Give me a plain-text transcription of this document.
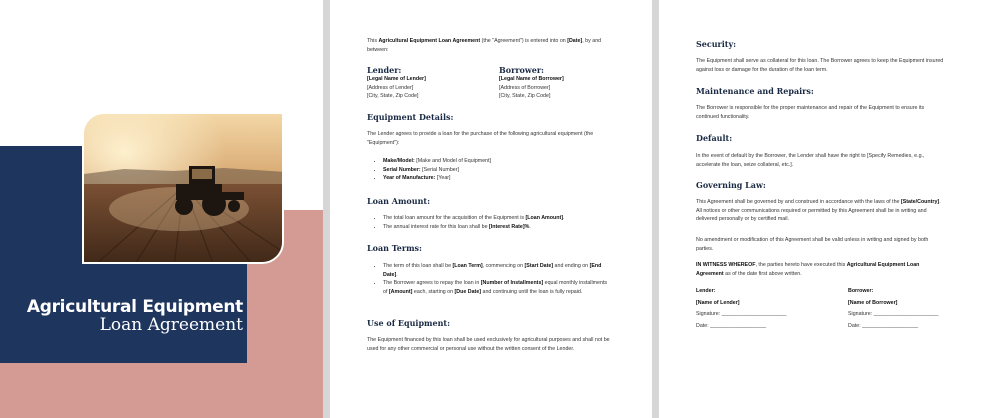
Agricultural Equipment
Loan Agreement
This Agricultural Equipment Loan Agreement (the "Agreement") is entered into on [Date], by and between:
Lender:
[Legal Name of Lender]
[Address of Lender]
[City, State, Zip Code]
Borrower:
[Legal Name of Borrower]
[Address of Borrower]
[City, State, Zip Code]
Equipment Details:
The Lender agrees to provide a loan for the purchase of the following agricultural equipment (the "Equipment"):
• Make/Model: [Make and Model of Equipment]
• Serial Number: [Serial Number]
• Year of Manufacture: [Year]
Loan Amount:
• The total loan amount for the acquisition of the Equipment is [Loan Amount].
• The annual interest rate for this loan shall be [Interest Rate]%.
Loan Terms:
• The term of this loan shall be [Loan Term], commencing on [Start Date] and ending on [End Date].
• The Borrower agrees to repay the loan in [Number of Installments] equal monthly installments of [Amount] each, starting on [Due Date] and continuing until the loan is fully repaid.
Use of Equipment:
The Equipment financed by this loan shall be used exclusively for agricultural purposes and shall not be used for any other commercial or personal use without the written consent of the Lender.
Security:
The Equipment shall serve as collateral for this loan. The Borrower agrees to keep the Equipment insured against loss or damage for the duration of the loan term.
Maintenance and Repairs:
The Borrower is responsible for the proper maintenance and repair of the Equipment to ensure its continued functionality.
Default:
In the event of default by the Borrower, the Lender shall have the right to [Specify Remedies, e.g., accelerate the loan, seize collateral, etc.].
Governing Law:
This Agreement shall be governed by and construed in accordance with the laws of the [State/Country]. All notices or other communications required or permitted by this Agreement shall be in writing and delivered personally or by certified mail.
No amendment or modification of this Agreement shall be valid unless in writing and signed by both parties.
IN WITNESS WHEREOF, the parties hereto have executed this Agricultural Equipment Loan Agreement as of the date first above written.
Lender:
[Name of Lender]
Signature: ______________________
Date: ___________________
Borrower:
[Name of Borrower]
Signature: ______________________
Date: ___________________
